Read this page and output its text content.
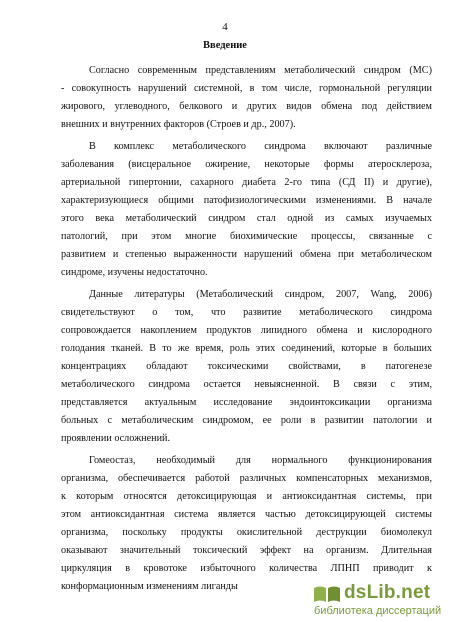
4
Введение
Согласно современным представлениям метаболический синдром (МС)
- совокупность нарушений системной, в том числе, гормональной регуляции
жирового, углеводного, белкового и других видов обмена под действием
внешних и внутренних факторов (Строев и др., 2007).
В комплекс метаболического синдрома включают различные
заболевания (висцеральное ожирение, некоторые формы атеросклероза,
артериальной гипертонии, сахарного диабета 2-го типа (СД II) и другие),
характеризующиеся общими патофизиологическими изменениями. В начале
этого века метаболический синдром стал одной из самых изучаемых
патологий, при этом многие биохимические процессы, связанные с
развитием и степенью выраженности нарушений обмена при метаболическом
синдроме, изучены недостаточно.
Данные литературы (Метаболический синдром, 2007, Wang, 2006)
свидетельствуют о том, что развитие метаболического синдрома
сопровождается накоплением продуктов липидного обмена и кислородного
голодания тканей. В то же время, роль этих соединений, которые в больших
концентрациях обладают токсическими свойствами, в патогенезе
метаболического синдрома остается невыясненной. В связи с этим,
представляется актуальным исследование эндоинтоксикации организма
больных с метаболическим синдромом, ее роли в развитии патологии и
проявлении осложнений.
Гомеостаз, необходимый для нормального функционирования
организма, обеспечивается работой различных компенсаторных механизмов,
к которым относятся детоксицирующая и антиоксидантная системы, при
этом антиоксидантная система является частью детоксицирующей системы
организма, поскольку продукты окислительной деструкции биомолекул
оказывают значительный токсический эффект на организм. Длительная
циркуляция в кровотоке избыточного количества ЛПНП приводит к
конформационным изменениям лиганды	dsLib.net
библиотека диссертаций
